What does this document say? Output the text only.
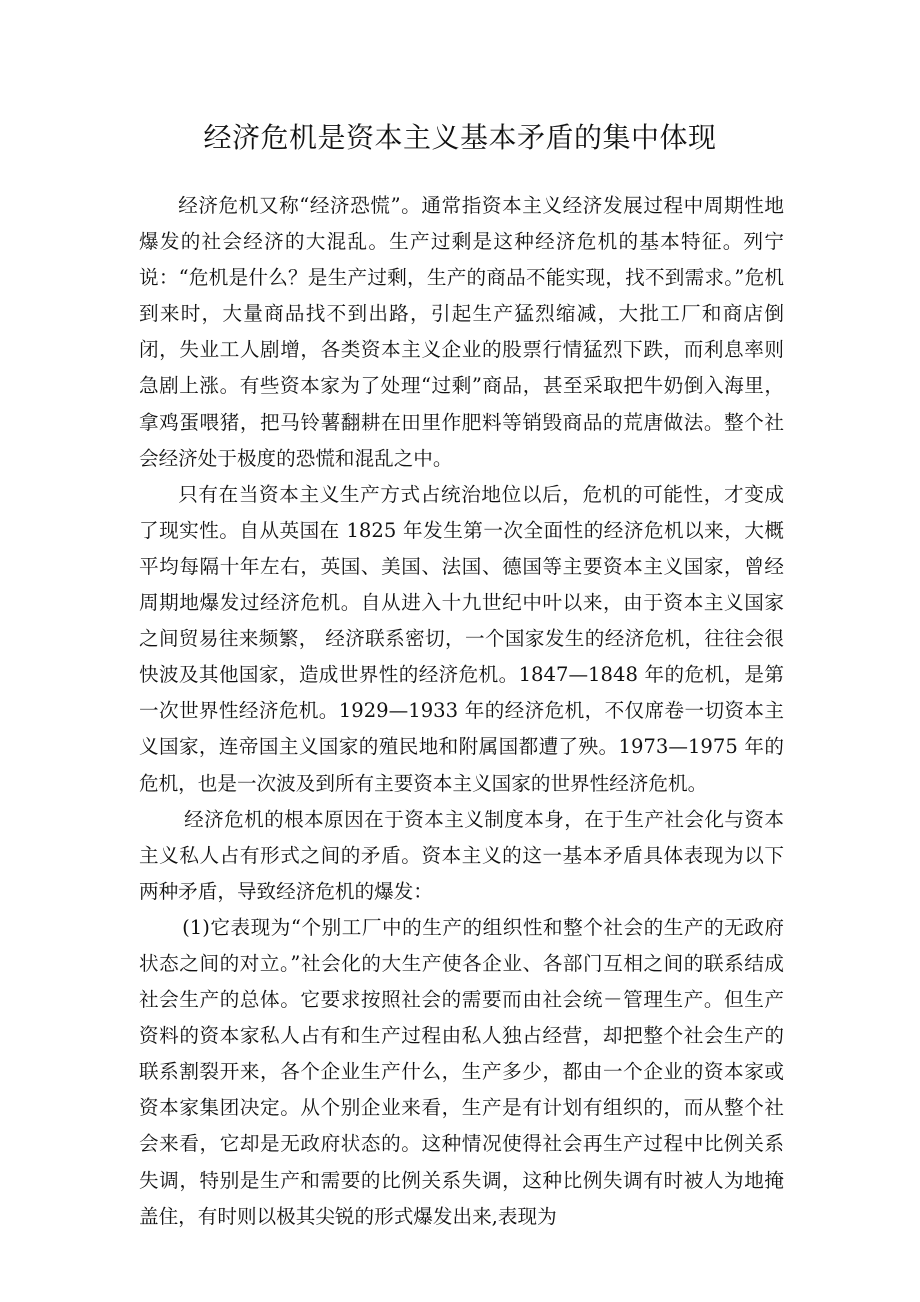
经济危机是资本主义基本矛盾的集中体现

经济危机又称“经济恐慌”。通常指资本主义经济发展过程中周期性地爆发的社会经济的大混乱。生产过剩是这种经济危机的基本特征。列宁说：“危机是什么？是生产过剩，生产的商品不能实现，找不到需求。”危机到来时，大量商品找不到出路，引起生产猛烈缩减，大批工厂和商店倒闭，失业工人剧增，各类资本主义企业的股票行情猛烈下跌，而利息率则急剧上涨。有些资本家为了处理“过剩”商品，甚至采取把牛奶倒入海里，拿鸡蛋喂猪，把马铃薯翻耕在田里作肥料等销毁商品的荒唐做法。整个社会经济处于极度的恐慌和混乱之中。

只有在当资本主义生产方式占统治地位以后，危机的可能性，才变成了现实性。自从英国在 1825 年发生第一次全面性的经济危机以来，大概平均每隔十年左右，英国、美国、法国、德国等主要资本主义国家，曾经周期地爆发过经济危机。自从进入十九世纪中叶以来，由于资本主义国家之间贸易往来频繁， 经济联系密切，一个国家发生的经济危机，往往会很快波及其他国家，造成世界性的经济危机。1847—1848 年的危机，是第一次世界性经济危机。1929—1933 年的经济危机，不仅席卷一切资本主义国家，连帝国主义国家的殖民地和附属国都遭了殃。1973—1975 年的危机，也是一次波及到所有主要资本主义国家的世界性经济危机。

经济危机的根本原因在于资本主义制度本身，在于生产社会化与资本主义私人占有形式之间的矛盾。资本主义的这一基本矛盾具体表现为以下两种矛盾，导致经济危机的爆发：

(1)它表现为“个别工厂中的生产的组织性和整个社会的生产的无政府状态之间的对立。”社会化的大生产使各企业、各部门互相之间的联系结成社会生产的总体。它要求按照社会的需要而由社会统－管理生产。但生产资料的资本家私人占有和生产过程由私人独占经营，却把整个社会生产的联系割裂开来，各个企业生产什么，生产多少，都由一个企业的资本家或资本家集团决定。从个别企业来看，生产是有计划有组织的，而从整个社会来看，它却是无政府状态的。这种情况使得社会再生产过程中比例关系失调，特别是生产和需要的比例关系失调，这种比例失调有时被人为地掩盖住，有时则以极其尖锐的形式爆发出来,表现为
